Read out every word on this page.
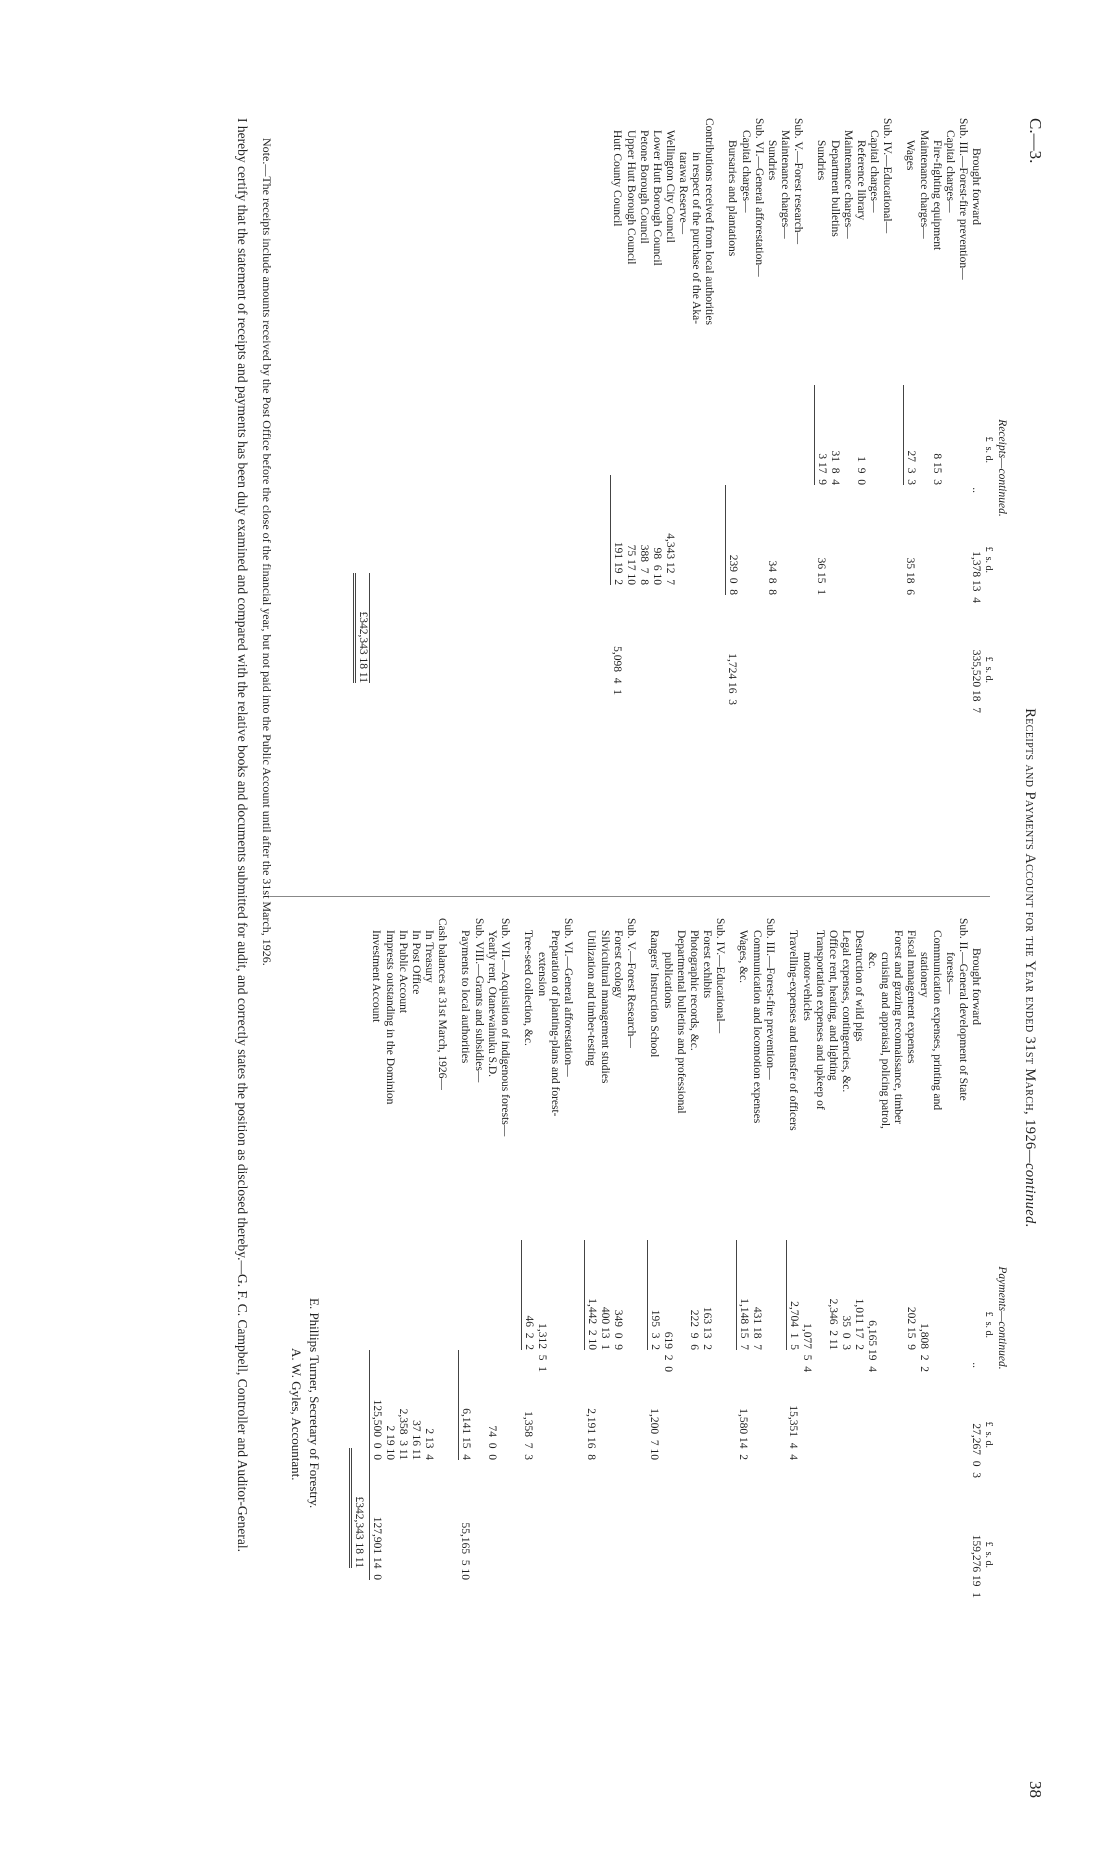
C.—3.
38
Receipts and Payments Account for the Year ended 31st March, 1926—continued.
Receipts—continued.
£  s. d.
£  s. d.
£  s. d.
Brought forward
..
1,378 13  4
335,520 18  7
Sub. III.—Forest-fire prevention—
Capital charges—
Fire-fighting equipment
8 15  3
Maintenance charges—
Wages
27  3  3
35 18  6
Sub. IV.—Educational—
Capital charges—
Reference library
1  9  0
Maintenance charges—
Department bulletins
31  8  4
Sundries
3 17  9
36 15  1
Sub. V.—Forest research—
Maintenance charges—
Sundries
34  8  8
Sub. VI.—General afforestation—
Capital charges—
Bursaries and plantations
239  0  8
1,724 16  3
Contributions received from local authorities
in respect of the purchase of the Aka-
tarawa Reserve—
Wellington City Council
4,343 12  7
Lower Hutt Borough Council
98  6 10
Petone Borough Council
388  7  8
Upper Hutt Borough Council
75 17 10
Hutt County Council
191 19  2
5,098  4  1
£342,343 18 11
Payments—continued.
£  s. d.
£  s. d.
£  s. d.
Brought forward
..
27,267  0  3
159,276 19  1
Sub. II.—General development of State
forests—
Communication expenses, printing and
stationery
1,808  2  2
Fiscal management expenses
202 15  9
Forest and grazing reconnaissance, timber
cruising and appraisal, policing patrol,
&c.
6,165 19  4
Destruction of wild pigs
1,011 17  2
Legal expenses, contingencies, &c.
35  0  3
Office rent, heating, and lighting
2,346  2 11
Transportation expenses and upkeep of
motor-vehicles
1,077  5  4
Travelling-expenses and transfer of officers
2,704  1  5
15,351  4  4
Sub. III.—Forest-fire prevention—
Communication and locomotion expenses
431 18  7
Wages, &c.
1,148 15  7
1,580 14  2
Sub. IV.—Educational—
Forest exhibits
163 13  2
Photographic records, &c.
222  9  6
Departmental bulletins and professional
publications
619  2  0
Rangers' Instruction School
195  3  2
1,200  7 10
Sub. V.—Forest Research—
Forest ecology
349  0  9
Silvicultural management studies
400 13  1
Utilization and timber-testing
1,442  2 10
2,191 16  8
Sub. VI.—General afforestation—
Preparation of planting-plans and forest-
extension
1,312  5  1
Tree-seed collection, &c.
46  2  2
1,358  7  3
Sub. VII.—Acquisition of indigenous forests—
Yearly rent, Otanewainuku S.D.
74  0  0
Sub. VIII.—Grants and subsidies—
Payments to local authorities
6,141 15  4
55,165  5 10
Cash balances at 31st March, 1926—
In Treasury
2 13  4
In Post Office
37 16 11
In Public Account
2,358  3 11
Imprests outstanding in the Dominion
2 19 10
Investment Account
125,500  0  0
127,901 14  0
£342,343 18 11
E. Phillips Turner, Secretary of Forestry.
A. W. Gyles, Accountant.
Note.—The receipts include amounts received by the Post Office before the close of the financial year, but not paid into the Public Account until after the 31st March, 1926.
I hereby certify that the statement of receipts and payments has been duly examined and compared with the relative books and documents submitted for audit, and correctly states the position as disclosed thereby.—G. F. C. Campbell, Controller and Auditor-General.
